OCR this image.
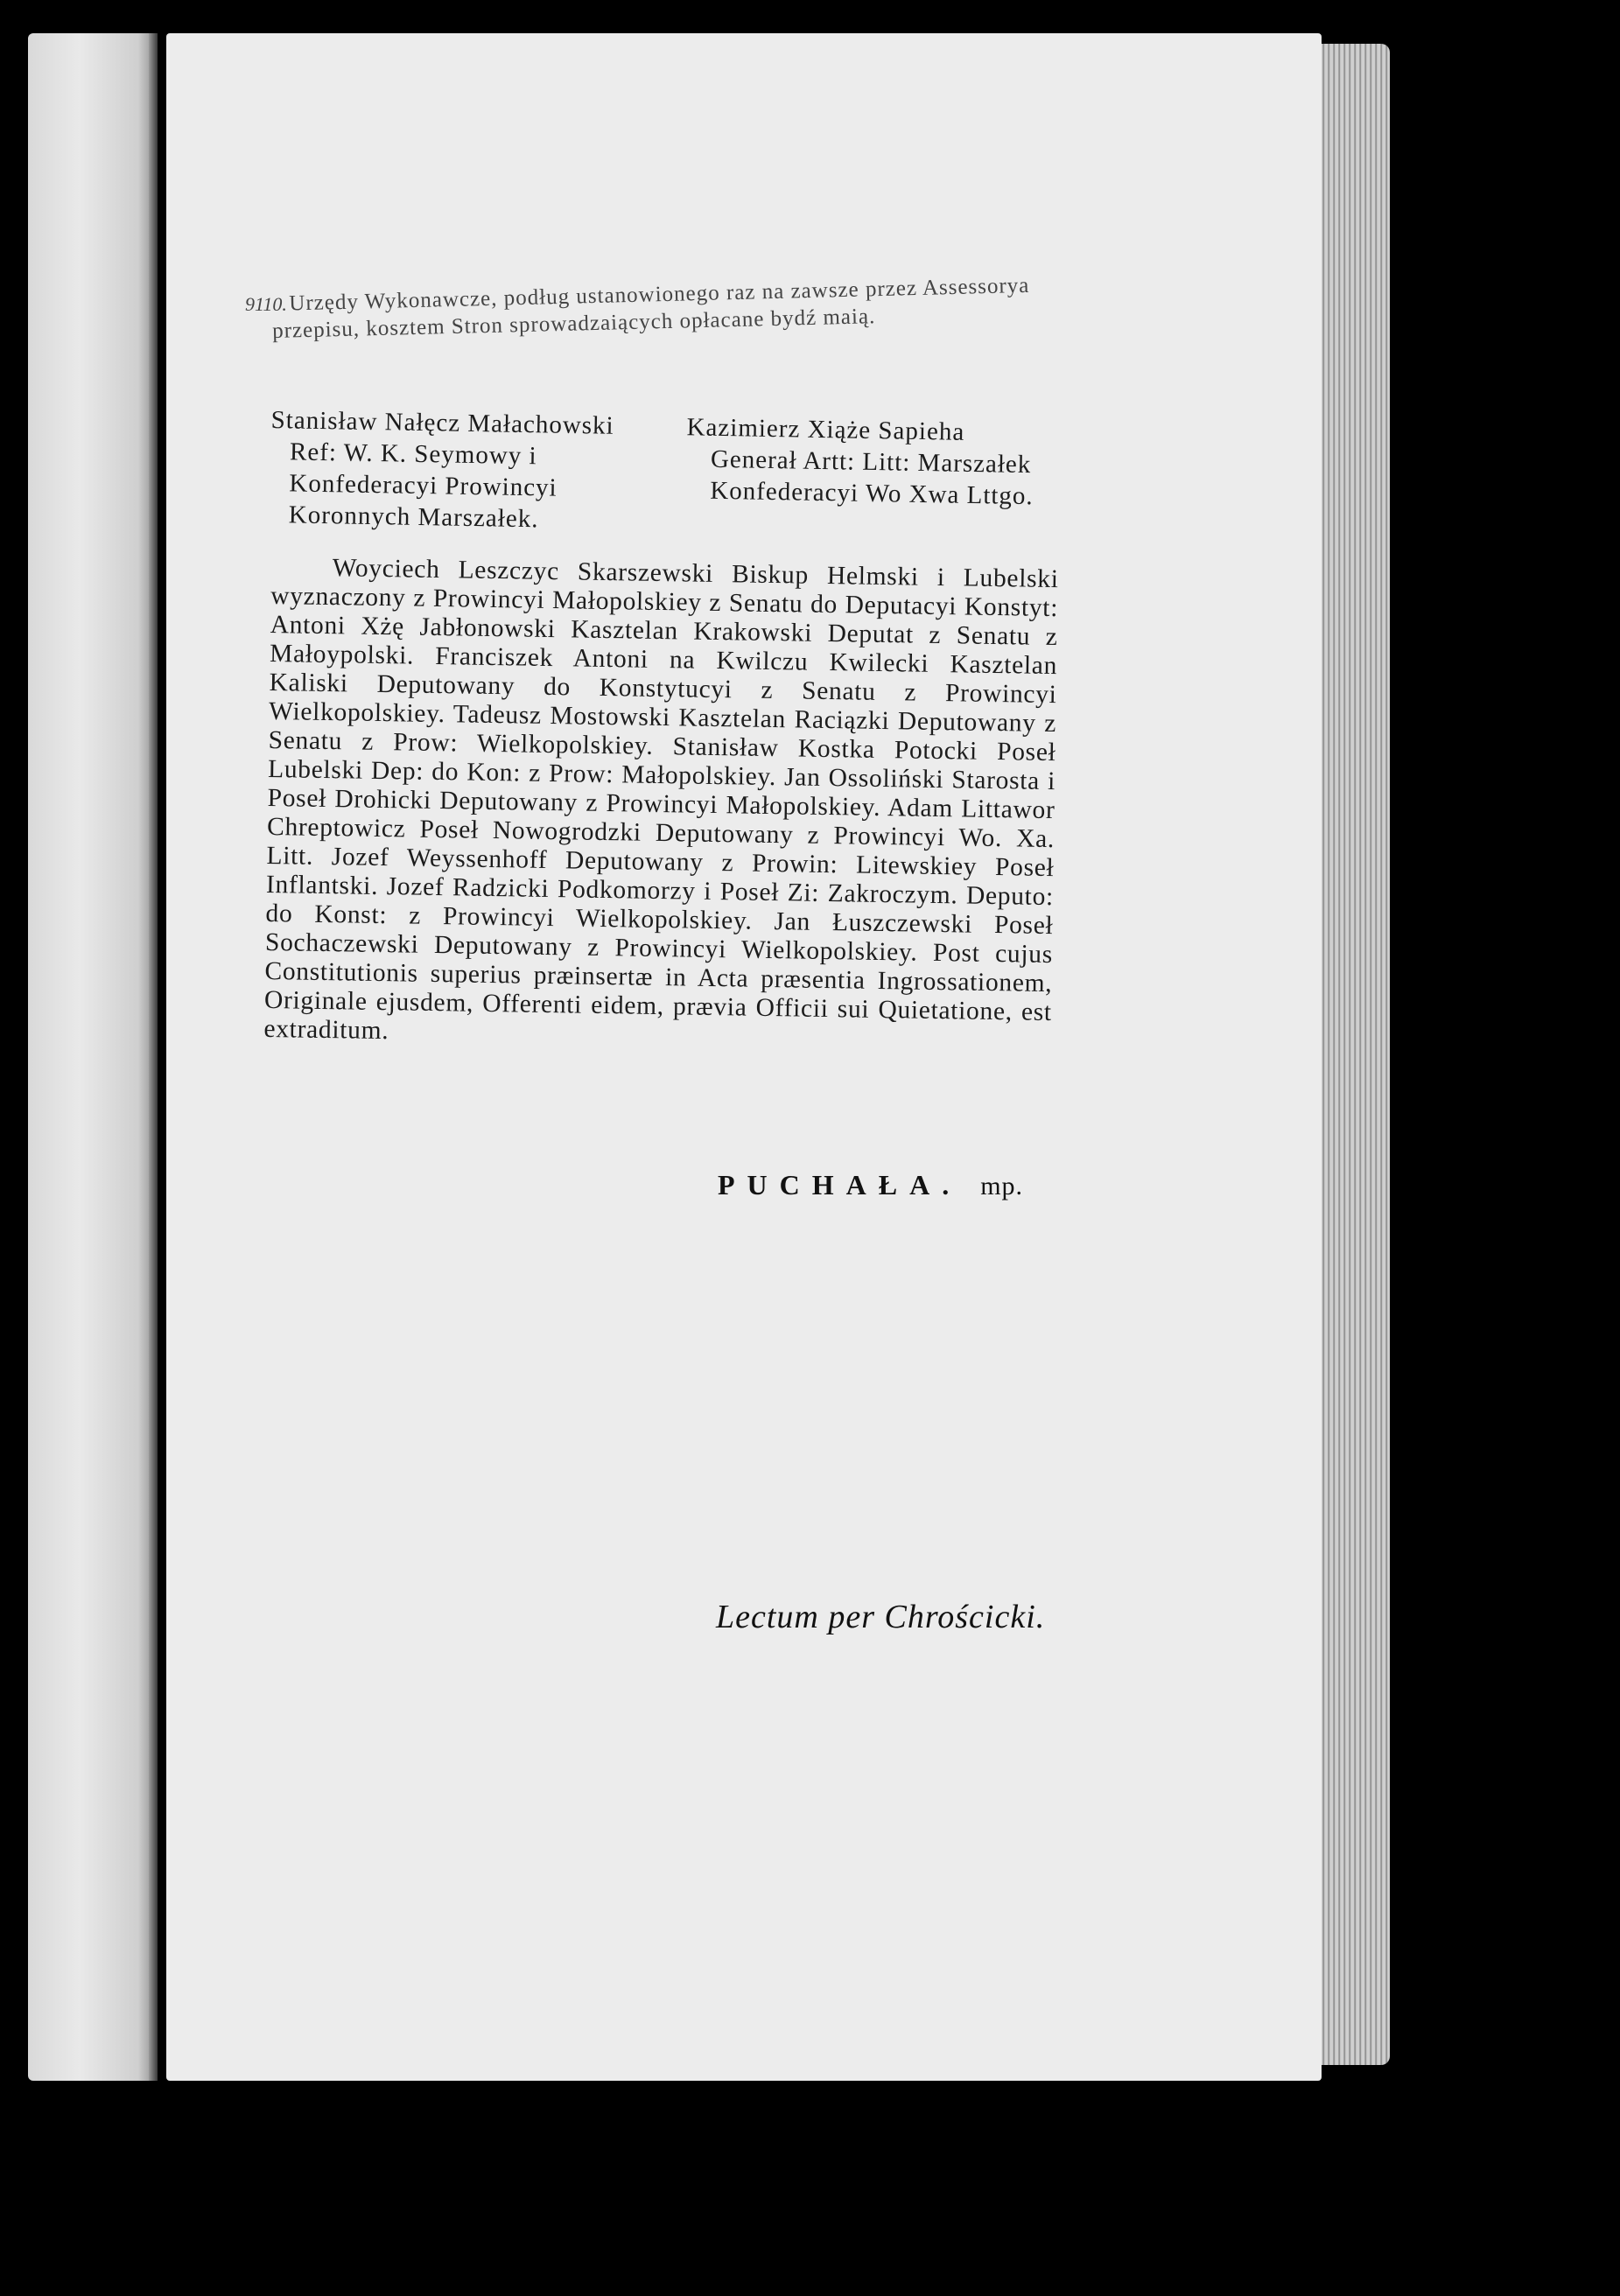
9110. Urzędy Wykonawcze, podług ustanowionego raz na zawsze przez Assessorya przepisu, kosztem Stron sprowadzaiących opłacane bydź maią.
Stanisław Nałęcz Małachowski
Ref: W. K. Seymowy i Konfederacyi Prowincyi Koronnych Marszałek.
Kazimierz Xiąże Sapieha
Generał Artt: Litt: Marszałek Konfederacyi Wo Xwa Lttgo.
Woyciech Leszczyc Skarszewski Biskup Helmski i Lubelski wyznaczony z Prowincyi Małopolskiey z Senatu do Deputacyi Konstyt: Antoni Xżę Jabłonowski Kasztelan Krakowski Deputat z Senatu z Małoypolski. Franciszek Antoni na Kwilczu Kwilecki Kasztelan Kaliski Deputowany do Konstytucyi z Senatu z Prowincyi Wielkopolskiey. Tadeusz Mostowski Kasztelan Raciązki Deputowany z Senatu z Prow: Wielkopolskiey. Stanisław Kostka Potocki Poseł Lubelski Dep: do Kon: z Prow: Małopolskiey. Jan Ossoliński Starosta i Poseł Drohicki Deputowany z Prowincyi Małopolskiey. Adam Littawor Chreptowicz Poseł Nowogrodzki Deputowany z Prowincyi Wo. Xa. Litt. Jozef Weyssenhoff Deputowany z Prowin: Litewskiey Poseł Inflantski. Jozef Radzicki Podkomorzy i Poseł Zi: Zakroczym. Deputo: do Konst: z Prowincyi Wielkopolskiey. Jan Łuszczewski Poseł Sochaczewski Deputowany z Prowincyi Wielkopolskiey. Post cujus Constitutionis superius præinsertæ in Acta præsentia Ingrossationem, Originale ejusdem, Offerenti eidem, prævia Officii sui Quietatione, est extraditum.
PUCHAŁA. mp.
Lectum per Chrościcki.
